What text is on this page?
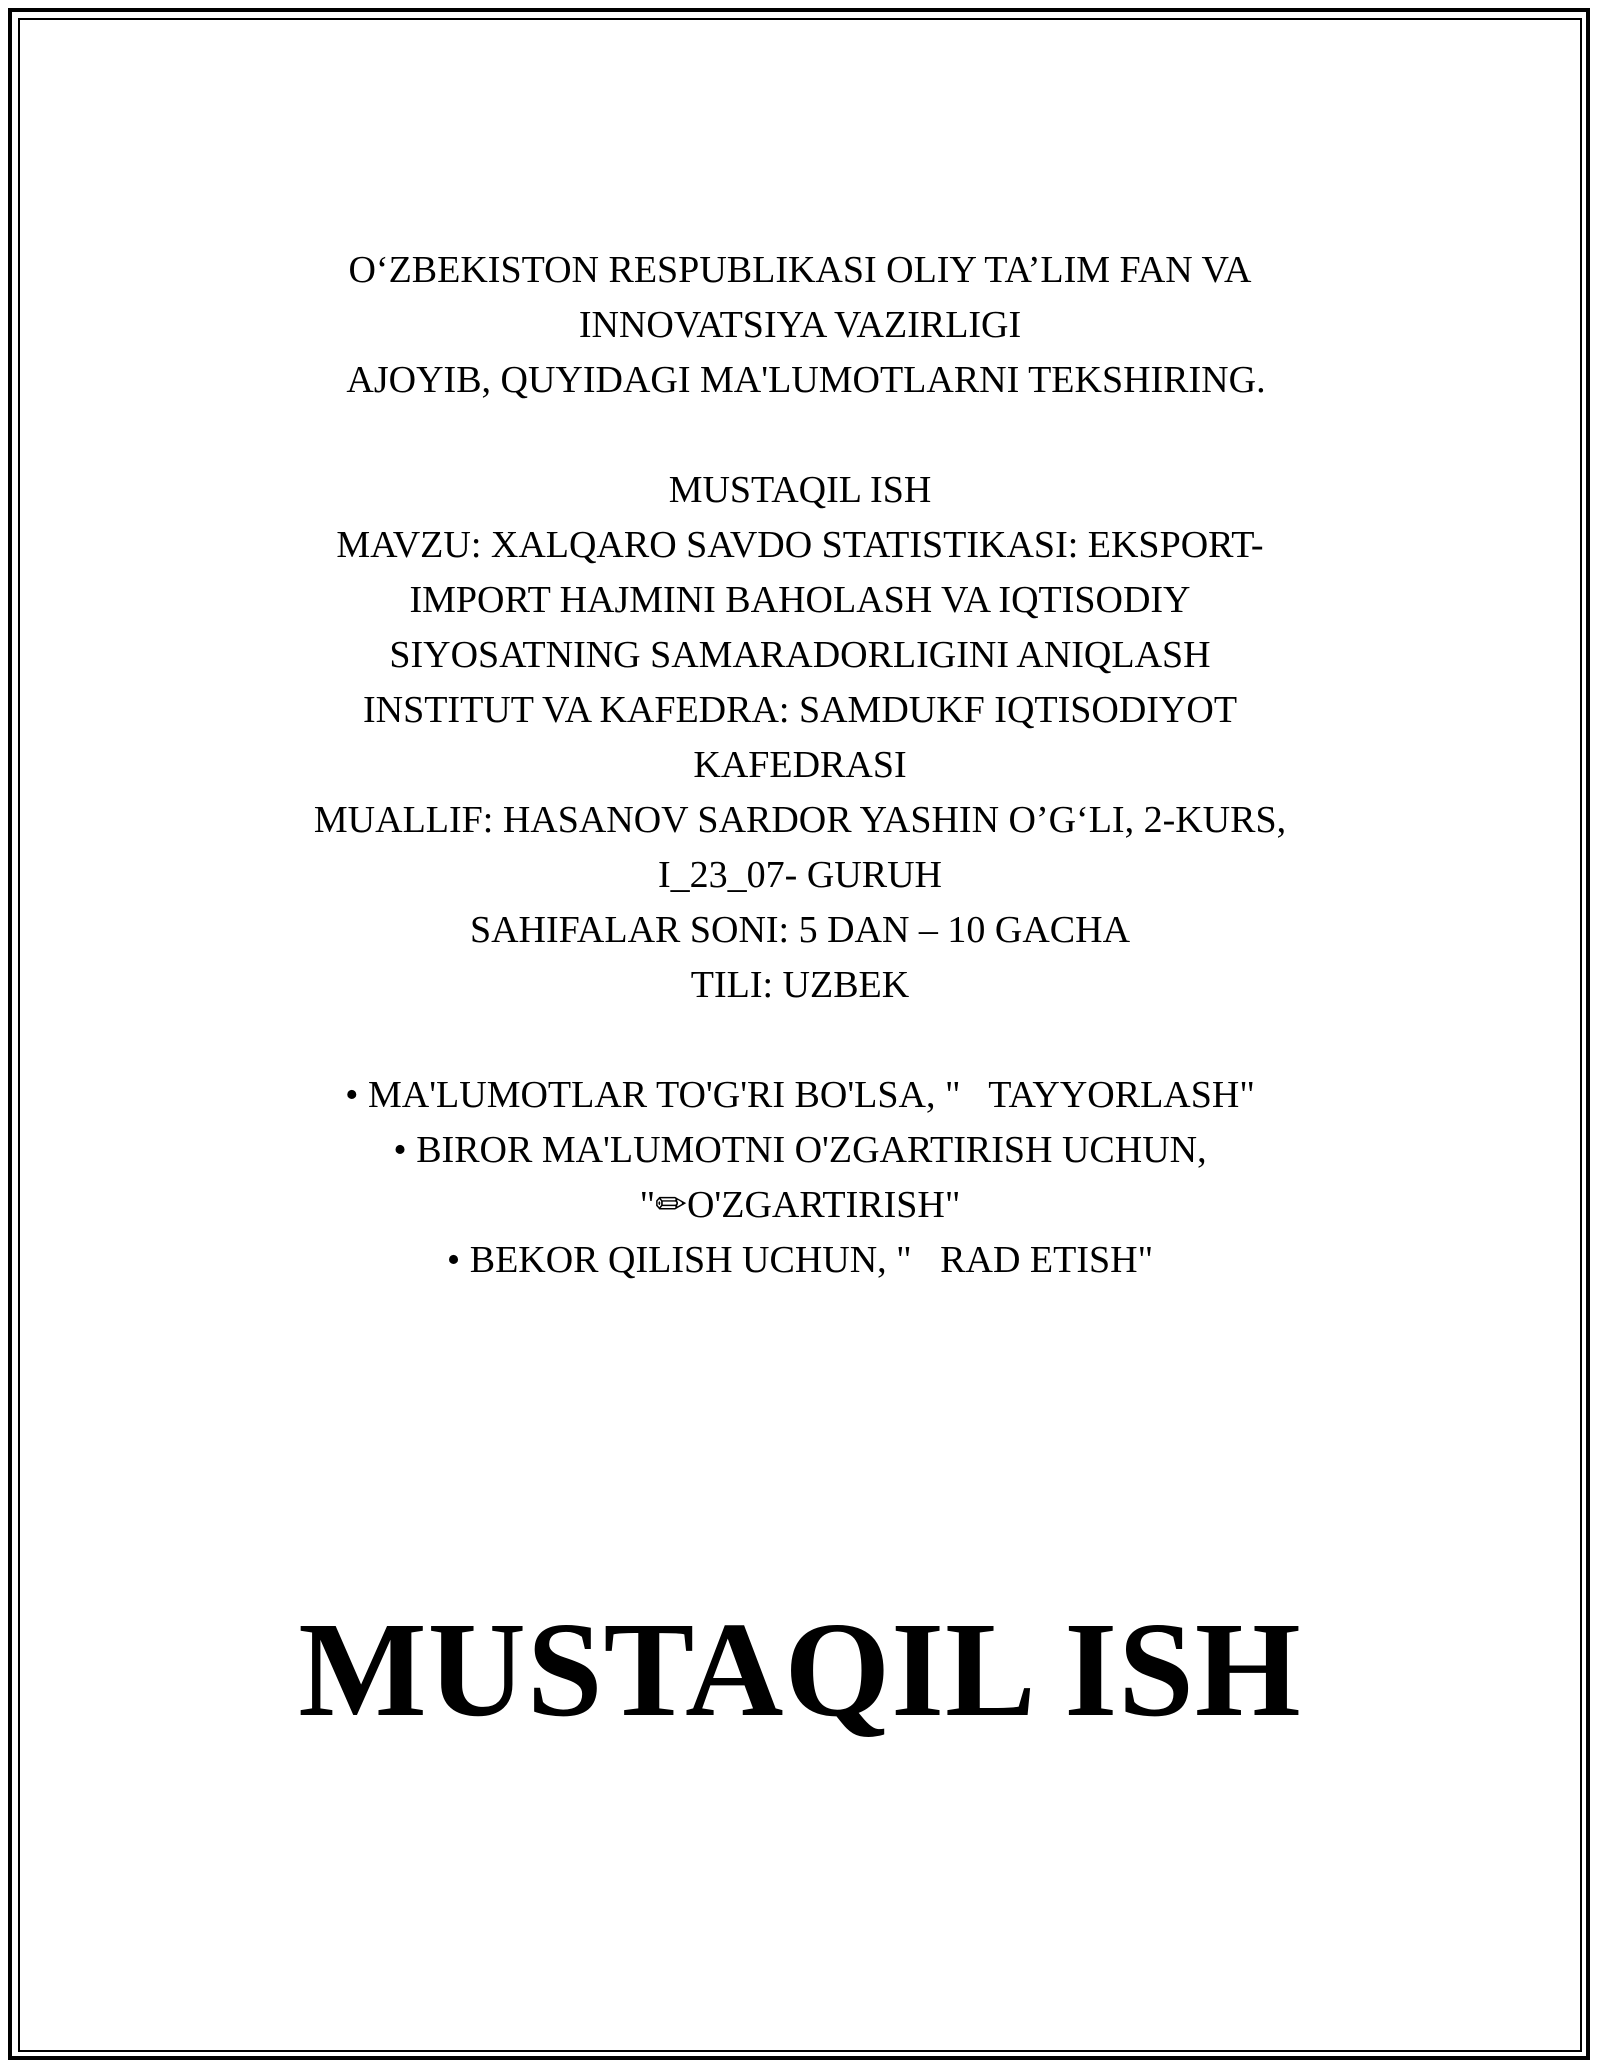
O‘ZBEKISTON RESPUBLIKASI OLIY TA’LIM FAN VA
INNOVATSIYA VAZIRLIGI
AJOYIB, QUYIDAGI MA'LUMOTLARNI TEKSHIRING.
MUSTAQIL ISH
MAVZU: XALQARO SAVDO STATISTIKASI: EKSPORT-
IMPORT HAJMINI BAHOLASH VA IQTISODIY
SIYOSATNING SAMARADORLIGINI ANIQLASH
INSTITUT VA KAFEDRA: SAMDUKF IQTISODIYOT
KAFEDRASI
MUALLIF: HASANOV SARDOR YASHIN O’G‘LI, 2-KURS,
I_23_07- GURUH
SAHIFALAR SONI: 5 DAN – 10 GACHA
TILI: UZBEK
• MA'LUMOTLAR TO'G'RI BO'LSA, "   TAYYORLASH"
• BIROR MA'LUMOTNI O'ZGARTIRISH UCHUN,
"✏O'ZGARTIRISH"
• BEKOR QILISH UCHUN, "   RAD ETISH"
MUSTAQIL ISH
